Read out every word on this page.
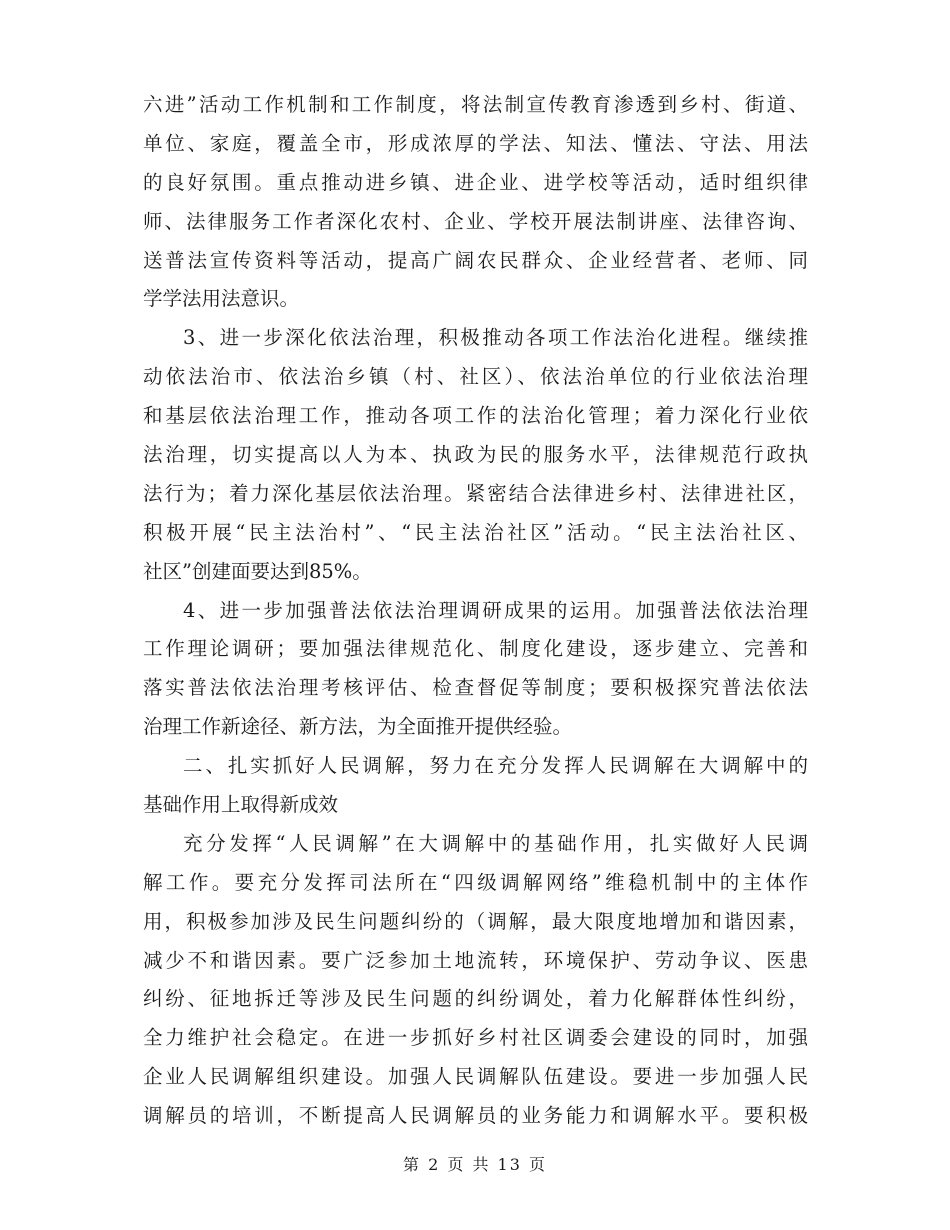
六进”活动工作机制和工作制度，将法制宣传教育渗透到乡村、街道、
单位、家庭，覆盖全市，形成浓厚的学法、知法、懂法、守法、用法
的良好氛围。重点推动进乡镇、进企业、进学校等活动，适时组织律
师、法律服务工作者深化农村、企业、学校开展法制讲座、法律咨询、
送普法宣传资料等活动，提高广阔农民群众、企业经营者、老师、同
学学法用法意识。
3、进一步深化依法治理，积极推动各项工作法治化进程。继续推
动依法治市、依法治乡镇（村、社区）、依法治单位的行业依法治理
和基层依法治理工作，推动各项工作的法治化管理；着力深化行业依
法治理，切实提高以人为本、执政为民的服务水平，法律规范行政执
法行为；着力深化基层依法治理。紧密结合法律进乡村、法律进社区，
积极开展“民主法治村”、“民主法治社区”活动。“民主法治社区、
社区”创建面要达到85%。
4、进一步加强普法依法治理调研成果的运用。加强普法依法治理
工作理论调研；要加强法律规范化、制度化建设，逐步建立、完善和
落实普法依法治理考核评估、检查督促等制度；要积极探究普法依法
治理工作新途径、新方法，为全面推开提供经验。
二、扎实抓好人民调解，努力在充分发挥人民调解在大调解中的
基础作用上取得新成效
充分发挥“人民调解”在大调解中的基础作用，扎实做好人民调
解工作。要充分发挥司法所在“四级调解网络”维稳机制中的主体作
用，积极参加涉及民生问题纠纷的（调解，最大限度地增加和谐因素，
减少不和谐因素。要广泛参加土地流转，环境保护、劳动争议、医患
纠纷、征地拆迁等涉及民生问题的纠纷调处，着力化解群体性纠纷，
全力维护社会稳定。在进一步抓好乡村社区调委会建设的同时，加强
企业人民调解组织建设。加强人民调解队伍建设。要进一步加强人民
调解员的培训，不断提高人民调解员的业务能力和调解水平。要积极
第 2 页 共 13 页
